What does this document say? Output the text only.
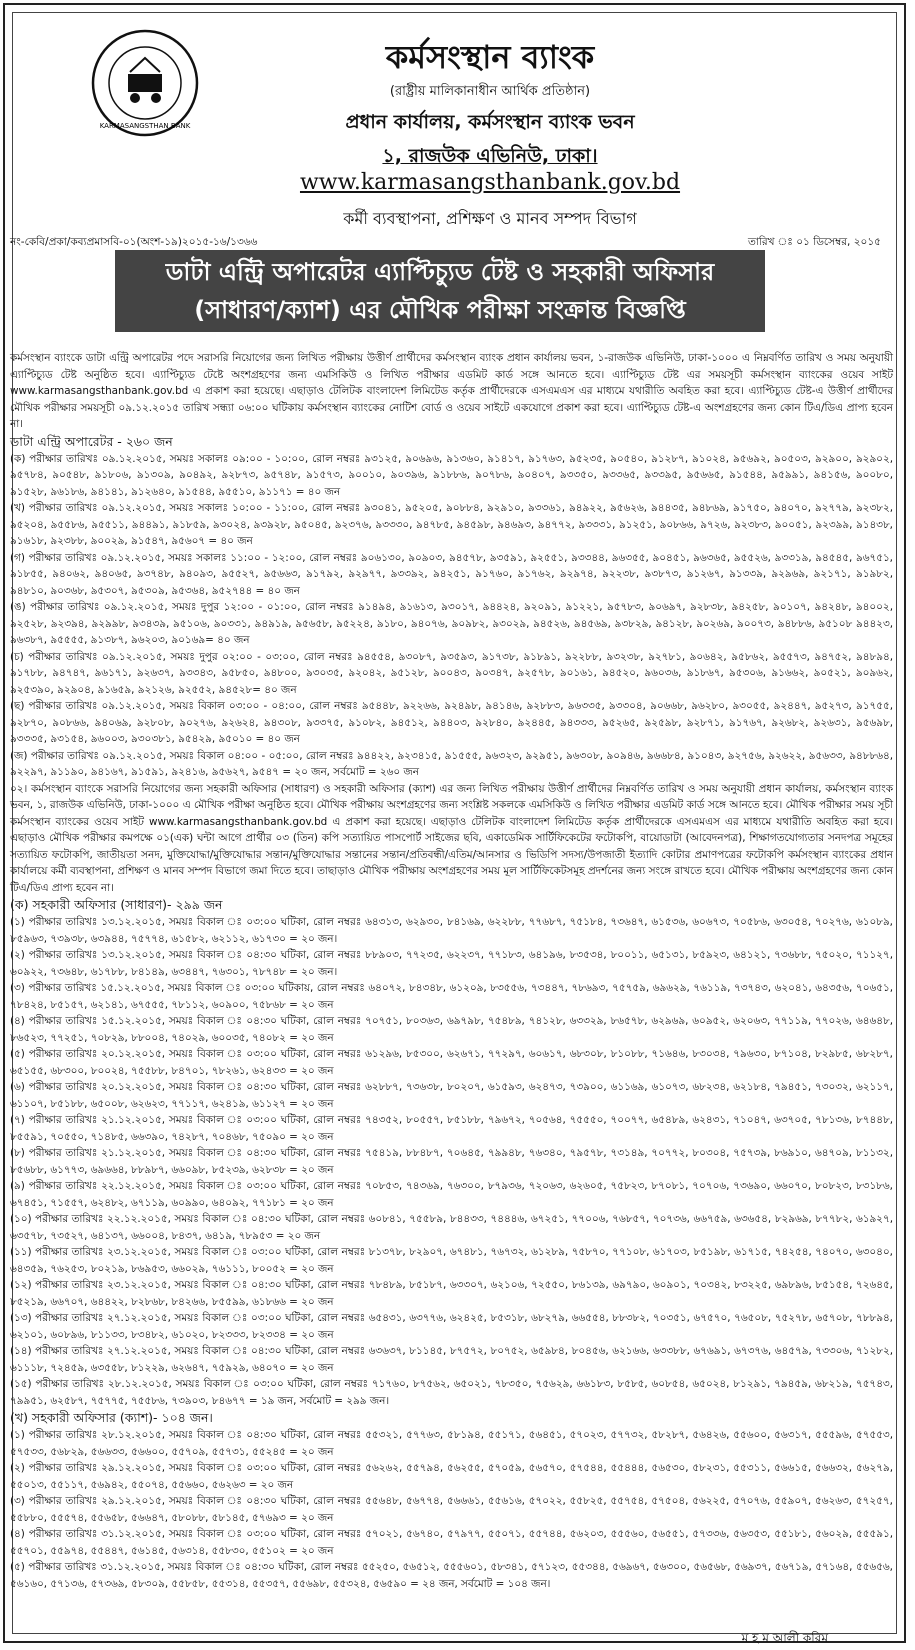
KARMASANGSTHAN BANK
কর্মসংস্থান ব্যাংক
(রাষ্ট্রীয় মালিকানাধীন আর্থিক প্রতিষ্ঠান)
প্রধান কার্যালয়, কর্মসংস্থান ব্যাংক ভবন
১, রাজউক এভিনিউ, ঢাকা।
www.karmasangsthanbank.gov.bd
কর্মী ব্যবস্থাপনা, প্রশিক্ষণ ও মানব সম্পদ বিভাগ
নং-কেবি/প্রকা/কব্যপ্রমাসবি-০১(অংশ-১৯)২০১৫-১৬/১৩৬৬	তারিখ ঃ ০১ ডিসেম্বর, ২০১৫
ডাটা এন্ট্রি অপারেটর এ্যাপ্টিচ্যুড টেষ্ট ও সহকারী অফিসার
(সাধারণ/ক্যাশ) এর মৌখিক পরীক্ষা সংক্রান্ত বিজ্ঞপ্তি

কর্মসংস্থান ব্যাংকে ডাটা এন্ট্রি অপারেটর পদে সরাসরি নিয়োগের জন্য লিখিত পরীক্ষায় উত্তীর্ণ প্রার্থীদের কর্মসংস্থান ব্যাংক প্রধান কার্যালয় ভবন, ১-রাজউক এভিনিউ, ঢাকা-১০০০ এ নিম্নবর্ণিত তারিখ ও সময় অনুযায়ী এ্যাপ্টিচ্যুড টেষ্ট অনুষ্ঠিত হবে। এ্যাপ্টিচ্যুড টেষ্টে অংশগ্রহণের জন্য এমসিকিউ ও লিখিত পরীক্ষার এডমিট কার্ড সঙ্গে আনতে হবে। এ্যাপ্টিচ্যুড টেষ্ট এর সময়সূচী কর্মসংস্থান ব্যাংকের ওয়েব সাইট www.karmasangsthanbank.gov.bd এ প্রকাশ করা হয়েছে। এছাড়াও টেলিটক বাংলাদেশ লিমিটেড কর্তৃক প্রার্থীদেরকে এসএমএস এর মাধ্যমে যথারীতি অবহিত করা হবে। এ্যাপ্টিচ্যুড টেষ্ট-এ উত্তীর্ণ প্রার্থীদের মৌখিক পরীক্ষার সময়সূচী ০৯.১২.২০১৫ তারিখ সন্ধ্যা ০৬:০০ ঘটিকায় কর্মসংস্থান ব্যাংকের নোটিশ বোর্ড ও ওয়েব সাইটে একযোগে প্রকাশ করা হবে। এ্যাপ্টিচ্যুড টেষ্ট-এ অংশগ্রহণের জন্য কোন টিএ/ডিএ প্রাপ্য হবেন না।

ডাটা এন্ট্রি অপারেটর - ২৬০ জন

(ক) পরীক্ষার তারিখঃ ০৯.১২.২০১৫, সময়ঃ সকালঃ ০৯:০০ - ১০:০০, রোল নম্বরঃ ৯৩১২৫, ৯০৬৯৬, ৯১৩৬০, ৯১৪১৭, ৯১৭৬৩, ৯৫২৩৫, ৯০৫৪০, ৯১২৮৭, ৯১০২৪, ৯৫৬৯২, ৯০৫০৩, ৯২৯০০, ৯২৯০২, ৯৫৭৮৪, ৯০৫৪৮, ৯১৮০৬, ৯১৩০৯, ৯০৪৯২, ৯২৮৭৩, ৯৫৭৪৮, ৯১৫৭৩, ৯০০১০, ৯০৩৯৬, ৯১৮৮৬, ৯০৭৮৬, ৯০৪০৭, ৯৩৩৫০, ৯৩৩৬৫, ৯৩৩৯৫, ৯৫৬৬৫, ৯১৫৪৪, ৯৫৯৯১, ৯৪১৫৬, ৯০০৮০, ৯১৫২৮, ৯৬১৮৬, ৯৪১৪১, ৯১২৬৪০, ৯১৫৪৪, ৯৫৫১০, ৯১১৭১ = ৪০ জন

(খ) পরীক্ষার তারিখঃ ০৯.১২.২০১৫, সময়ঃ সকালঃ ১০:০০ - ১১:০০, রোল নম্বরঃ ৯৩০৪১, ৯৫২০৫, ৯০৮৮৪, ৯২৯১০, ৯৩৩৬১, ৯৪৯২২, ৯৫৬২৬, ৯৪৪৩৫, ৯৪৮৬৯, ৯১৭৫০, ৯৪০৭০, ৯২৭৭৯, ৯২৩৮২, ৯৫২০৪, ৯৫৫৮৬, ৯৫৫১১, ৯৪৪৯১, ৯১৮৫৯, ৯৩০২৪, ৯৩৯২৮, ৯৫০৪৫, ৯২৩৭৬, ৯৩৩৩০, ৯৪৭৮৫, ৯৪৫৯৮, ৯৪৬৯৩, ৯৪৭৭২, ৯৩৩৩১, ৯১২৫১, ৯০৮৬৬, ৯৭২৬, ৯২৩৮৩, ৯০০৫১, ৯২৩৯৯, ৯১৪৩৮, ৯১৬১৮, ৯২৩৮৮, ৯০০২৯, ৯১৫৪৭, ৯৫৬০৭ = ৪০ জন

(গ) পরীক্ষার তারিখঃ ০৯.১২.২০১৫, সময়ঃ সকালঃ ১১:০০ - ১২:০০, রোল নম্বরঃ ৯০৬১৩০, ৯০৯০৩, ৯৪৫৭৮, ৯৩৫৯১, ৯২৫৫১, ৯৩৩৪৪, ৯৬৩৫৫, ৯০৪৫১, ৯৬৩৬৫, ৯৫৫২৬, ৯৩৩১৯, ৯৪৫৪৫, ৯৬৭৫১, ৯১৮৫৫, ৯৪০৬২, ৯৪০৬৫, ৯৩৭৪৮, ৯৪০৯৩, ৯৫৫২৭, ৯৫৬৬৩, ৯১৭৯২, ৯২৯৭৭, ৯৩৩৯২, ৯৪২৫১, ৯১৭৬০, ৯১৭৬২, ৯২৯৭৪, ৯২২৩৮, ৯৩৮৭৩, ৯১২৬৭, ৯১৩৩৯, ৯২৯৬৯, ৯২১৭১, ৯১৯৮২, ৯৪৮১০, ৯০৩৬৮, ৯৫৩০৭, ৯৫৩০৯, ৯৫৩৬৪, ৯৫২৭৪৪ = ৪০ জন

(ঙ) পরীক্ষার তারিখঃ ০৯.১২.২০১৫, সময়ঃ দুপুর ১২:০০ - ০১:০০, রোল নম্বরঃ ৯১৪৯৪, ৯১৬১৩, ৯৩০১৭, ৯৪৪২৪, ৯২০৯১, ৯১২২১, ৯৫৭৮৩, ৯০৬৯৭, ৯২৮৩৮, ৯৪২৫৮, ৯০১০৭, ৯৪২৪৮, ৯৪০০২, ৯২৫২৮, ৯২৩৯৪, ৯২৯৯৮, ৯৩৪৩৯, ৯৫১০৬, ৯০৩৩১, ৯৪৯১৯, ৯৫৬৫৮, ৯৫২২৪, ৯১৮০, ৯৪০৭৬, ৯০৯৮২, ৯৩০২৯, ৯৪৫২৬, ৯৪৫৬৯, ৯৩৮২৯, ৯৪১২৮, ৯০২৬৯, ৯০০৭৩, ৯৪৮৮৬, ৯৫১০৮ ৯৪৪২৩, ৯৬৩৮৭, ৯৫৫৫৫, ৯১৩৮৭, ৯৬২০৩, ৯০১৬৯= ৪০ জন

(চ) পরীক্ষার তারিখঃ ০৯.১২.২০১৫, সময়ঃ দুপুর ০২:০০ - ০৩:০০, রোল নম্বরঃ ৯৪৫৫৪, ৯৩০৮৭, ৯৩৫৯৩, ৯১৭৩৮, ৯১৮৯১, ৯২২৮৮, ৯৩২৩৮, ৯২৭৮১, ৯০৬৪২, ৯৫৮৬২, ৯৫৫৭৩, ৯৪৭৫২, ৯৪৮৯৪, ৯১৭৮৮, ৯৪৭৪৭, ৯৬১৭১, ৯২৬৩৭, ৯৩৩৪৩, ৯৫৮৫০, ৯৪৮০০, ৯৩০৩৫, ৯২০৪২, ৯৫১২৮, ৯০০৪৩, ৯০৩৪৭, ৯২৫৭৮, ৯০১৬১, ৯৪৫২০, ৯৬০৩৬, ৯১৮৬৭, ৯৫৩০৬, ৯১৬৬২, ৯০৫২১, ৯০৯৬২, ৯২৫৩৯০, ৯২৯০৪, ৯১৬৫৯, ৯২১২৬, ৯২৫৫২, ৯৪৫২৮= ৪০ জন

(ছ) পরীক্ষার তারিখঃ ০৯.১২.২০১৫, সময়ঃ বিকাল ০৩:০০ - ০৪:০০, রোল নম্বরঃ ৯৫৪৪৮, ৯২২৬৬, ৯২৪৯৮, ৯৪১৪৬, ৯২৮৮৩, ৯৬৩৩৫, ৯৩৩০৪, ৯০৬৬৮, ৯৬২৮০, ৯৩০৫৫, ৯২৪৪৭, ৯৫২৭৩, ৯১৭৫৫, ৯২৮৭০, ৯০৮৬৬, ৯৪০৬৯, ৯২৮০৮, ৯০২৭৬, ৯২৬২৪, ৯৪৩০৮, ৯৩৩৭৫, ৯১০৮২, ৯৪৫১২, ৯৪৪০৩, ৯২৮৪০, ৯২৪৪৫, ৯৪৩৩৩, ৯৫২৬৫, ৯২৫৯৮, ৯২৮৭১, ৯১৭৬৭, ৯২৬৮২, ৯২৬৩১, ৯৫৬৯৮, ৯৩৩৩৫, ৯৩১৫৪, ৯৬০০৩, ৯৩০৩৮১, ৯৫৪২৯, ৯৫০১০ = ৪০ জন

(জ) পরীক্ষার তারিখঃ ০৯.১২.২০১৫, সময়ঃ বিকাল ০৪:০০ - ০৫:০০, রোল নম্বরঃ ৯৪৪২২, ৯২৩৪১৫, ৯১৫৫৫, ৯৬৩২৩, ৯২৯৫১, ৯৬৩০৮, ৯০৯৪৬, ৯৬৬৮৪, ৯১০৪৩, ৯২৭৫৬, ৯২৬২২, ৯৫৬৩৩, ৯৪৮৮৬৪, ৯২২৯৭, ৯১১৯০, ৯৪১৬৭, ৯১৫৯১, ৯২৪১৬, ৯৫৬২৭, ৯৫৪৭ = ২০ জন, সর্বমোট = ২৬০ জন

০২। কর্মসংস্থান ব্যাংকে সরাসরি নিয়োগের জন্য সহকারী অফিসার (সাধারণ) ও সহকারী অফিসার (ক্যাশ) এর জন্য লিখিত পরীক্ষায় উত্তীর্ণ প্রার্থীদের নিম্নবর্ণিত তারিখ ও সময় অনুযায়ী প্রধান কার্যালয়, কর্মসংস্থান ব্যাংক ভবন, ১, রাজউক এভিনিউ, ঢাকা-১০০০ এ মৌখিক পরীক্ষা অনুষ্ঠিত হবে। মৌখিক পরীক্ষায় অংশগ্রহণের জন্য সংশ্লিষ্ট সকলকে এমসিকিউ ও লিখিত পরীক্ষার এডমিট কার্ড সঙ্গে আনতে হবে। মৌখিক পরীক্ষার সময় সূচী কর্মসংস্থান ব্যাংকের ওয়েব সাইট www.karmasangsthanbank.gov.bd এ প্রকাশ করা হয়েছে। এছাড়াও টেলিটক বাংলাদেশ লিমিটেড কর্তৃক প্রার্থীদেরকে এসএমএস এর মাধ্যমে যথারীতি অবহিত করা হবে। এছাড়াও মৌখিক পরীক্ষার কমপক্ষে ০১(এক) ঘন্টা আগে প্রার্থীর ০৩ (তিন) কপি সত্যায়িত পাসপোর্ট সাইজের ছবি, একাডেমিক সার্টিফিকেটের ফটোকপি, বায়োডাটা (আবেদনপত্র), শিক্ষাগতযোগ্যতার সনদপত্র সমূহের সত্যায়িত ফটোকপি, জাতীয়তা সনদ, মুক্তিযোদ্ধা/মুক্তিযোদ্ধার সন্তান/মুক্তিযোদ্ধার সন্তানের সন্তান/প্রতিবন্ধী/এতিম/আনসার ও ভিডিপি সদস্য/উপজাতী ইত্যাদি কোটার প্রমাণপত্রের ফটোকপি কর্মসংস্থান ব্যাংকের প্রধান কার্যালয়ে কর্মী ব্যবস্থাপনা, প্রশিক্ষণ ও মানব সম্পদ বিভাগে জমা দিতে হবে। তাছাড়াও মৌখিক পরীক্ষায় অংশগ্রহণের সময় মূল সার্টিফিকেটসমূহ প্রদর্শনের জন্য সংঙ্গে রাখতে হবে। মৌখিক পরীক্ষায় অংশগ্রহণের জন্য কোন টিএ/ডিএ প্রাপ্য হবেন না।

(ক) সহকারী অফিসার (সাধারণ)- ২৯৯ জন

(১) পরীক্ষার তারিখঃ ১৩.১২.২০১৫, সময়ঃ বিকাল ঃ ০৩:০০ ঘটিকা, রোল নম্বরঃ ৬৪৩১৩, ৬২৯৩০, ৮৪১৬৯, ৬২২৮৮, ৭৭৬৮৭, ৭৫১৮৪, ৭৩৬৪৭, ৬১৫৩৬, ৬০৬৭৩, ৭০৫৮৬, ৬৩০৫৪, ৭০২৭৬, ৬১০৮৯, ৮৫৯৬৩, ৭৩৯৩৮, ৬৩৯৪৪, ৭৫৭৭৪, ৬১৫৮২, ৬২১১২, ৬১৭৩০ = ২০ জন।

(২) পরীক্ষার তারিখঃ ১৩.১২.২০১৫, সময়ঃ বিকাল ঃ ০৪:৩০ ঘটিকা, রোল নম্বরঃ ৮৮৯০৩, ৭৭২৩৫, ৬২২৩৭, ৭৭১৮৩, ৬৪১৯৬, ৮৩৫৩৪, ৮০০১১, ৬৫১৩১, ৮৫৯২৩, ৬৪১২১, ৭৩৬৮৮, ৭৫০২০, ৭১১২৭, ৬০৯২২, ৭৩৬৪৮, ৬১৭৮৮, ৮৪১৪৯, ৬৩৪৪৭, ৭৬৩০১, ৭৮৭৪৮ = ২০ জন।

(৩) পরীক্ষার তারিখঃ ১৫.১২.২০১৫, সময়ঃ বিকাল ঃ ০৩:০০ ঘটিকায়, রোল নম্বরঃ ৬৪০৭২, ৮৪৩৪৮, ৬১২০৯, ৮৩৫৫৬, ৭৩৪৪৭, ৭৮৬৯৩, ৭৫৭৫৯, ৬৯৬২৯, ৭৬১১৯, ৭৩৭৪৩, ৬২০৪১, ৬৪৩৫৬, ৭০৬৫১, ৭৮৪২৪, ৮৫১৫৭, ৬২১৪১, ৬৭৫৫৫, ৭৮১১২, ৬০৯০০, ৭৫৮৬৮ = ২০ জন

(৪) পরীক্ষার তারিখঃ ১৫.১২.২০১৫, সময়ঃ বিকাল ঃ ০৪:৩০ ঘটিকা, রোল নম্বরঃ ৭০৭৫১, ৮০৩৬৩, ৬৯৭৯৮, ৭৫৪৮৯, ৭৪১২৮, ৬৩৩২৯, ৮৬৫৭৮, ৬২৯৬৯, ৬০৯৫২, ৬২০৬৩, ৭৭১১৯, ৭৭০২৬, ৬৪৬৪৮, ৮৬৫২৩, ৭৭২৫১, ৭০৮২৯, ৮৮০০৪, ৭৪০২৯, ৬০০৩৫, ৭৪০৮২ = ২০ জন

(৫) পরীক্ষার তারিখঃ ২০.১২.২০১৫, সময়ঃ বিকাল ঃ ০৩:০০ ঘটিকা, রোল নম্বরঃ ৬১২৯৬, ৮৫৩০০, ৬২৬৭১, ৭৭২৯৭, ৬০৬১৭, ৬৮৩০৮, ৮১০৮৮, ৭১৬৪৬, ৮৩০৩৪, ৭৯৬৩০, ৮৭১০৪, ৮২৯৮৫, ৬৮২৮৭, ৬৫১৫৫, ৬৮৩০০, ৮০০২৪, ৭৫৫৮৮, ৮৪৭০১, ৭৮২৬১, ৬২৪৩৩ = ২০ জন

(৬) পরীক্ষার তারিখঃ ২০.১২.২০১৫, সময়ঃ বিকাল ঃ ০৪:৩০ ঘটিকা, রোল নম্বরঃ ৬২৮৮৭, ৭৩৬৩৮, ৮০২০৭, ৬১৫৯৩, ৬২৪৭৩, ৭৩৯০০, ৬১১৬৯, ৬১০৭৩, ৬৮২৩৪, ৬২১৮৪, ৭৯৪৫১, ৭৩০৩২, ৬২১১৭, ৬১১০৭, ৮৫১৮৮, ৬৫০০৮, ৬২৬২৩, ৭৭১১৭, ৬২৪১৯, ৬১১২৭ = ২০ জন

(৭) পরীক্ষার তারিখঃ ২১.১২.২০১৫, সময়ঃ বিকাল ঃ ০৩:০০ ঘটিকা, রোল নম্বরঃ ৭৪৩৫২, ৮০৫৫৭, ৮৫১৮৮, ৭৯৬৭২, ৭০৫৬৪, ৭৫৫৫০, ৭০০৭৭, ৬৫৪৮৯, ৬২৪৩১, ৭১০৪৭, ৬৩৭০৫, ৭৮১৩৬, ৮৭৪৪৮, ৮৫৫৯১, ৭০৫৫০, ৭১৪৮৫, ৬৬৩৯০, ৭৪২৮৭, ৭০৪৬৮, ৭৫০৯০ = ২০ জন

(৮) পরীক্ষার তারিখঃ ২১.১২.২০১৫, সময়ঃ বিকাল ঃ ০৪:৩০ ঘটিকা, রোল নম্বরঃ ৭৫৪১৯, ৮৮৪৮৭, ৭০৬৪৫, ৭৯৯৪৮, ৭৬৩৪০, ৭৯৫৭৮, ৭৩১৪৯, ৭০৭৭২, ৮০৩০৪, ৭৫৭৩৯, ৮৬৯১০, ৬৪৭০৯, ৮১১৩২, ৮৫৬৮৮, ৬১৭৭৩, ৬৯৬৬৪, ৮৮৯৮৭, ৬৬০৯৮, ৮৫২৩৯, ৬২৮৩৮ = ২০ জন

(৯) পরীক্ষার তারিখঃ ২২.১২.২০১৫, সময়ঃ বিকাল ঃ ০৩:০০ ঘটিকা, রোল নম্বরঃ ৭০৮৫৩, ৭৪৩৬৯, ৭৬৩০০, ৮৭৯৩৬, ৭২০৬৩, ৬২৬০৫, ৭৫৮২৩, ৮৭০৮১, ৭০৭০৬, ৭৩৬৯০, ৬৬০৭০, ৮০৮২৩, ৮৩১৮৬, ৬৭৪৫১, ৭১৫৫৭, ৬২৪৮২, ৬৭১১৯, ৬০৯৯০, ৬৪০৯২, ৭৭১৮১ = ২০ জন

(১০) পরীক্ষার তারিখঃ ২২.১২.২০১৫, সময়ঃ বিকাল ঃ ০৪:৩০ ঘটিকা, রোল নম্বরঃ ৬০৮৪১, ৭৫৫৮৯, ৮৪৪৩৩, ৭৪৪৪৬, ৬৭২৫১, ৭৭০০৬, ৭৬৮৫৭, ৭০৭৩৬, ৬৬৭৫৯, ৬৩৬৫৪, ৮২৯৬৯, ৮৭৭৮২, ৬১৯২৭, ৬৩৫৭৮, ৭৩৫২৭, ৬৪১৩৭, ৬৬০০৪, ৮৪৩৭, ৬৪১৯, ৭৮৯৫৩ = ২০ জন

(১১) পরীক্ষার তারিখঃ ২৩.১২.২০১৫, সময়ঃ বিকাল ঃ ০৩:০০ ঘটিকা, রোল নম্বরঃ ৮১৩৭৮, ৮২৯০৭, ৬৭৪৮১, ৭৬৭৩২, ৬১২৮৯, ৭৫৮৭০, ৭৭১০৮, ৬১৭০৩, ৮৫১৯৮, ৬১৭১৫, ৭৪২৫৪, ৭৪০৭০, ৬৩০৪০, ৬৪৩৫৯, ৭৬২৫৩, ৮০২১৯, ৮৬৯৫৩, ৬৬০২৯, ৭৬১১১, ৮০০৫২ = ২০ জন

(১২) পরীক্ষার তারিখঃ ২৩.১২.২০১৫, সময়ঃ বিকাল ঃ ০৪:৩০ ঘটিকা, রোল নম্বরঃ ৭৮৪৮৯, ৮৫১৮৭, ৬৩৩০৭, ৬২১০৬, ৭২৫৫০, ৮৬১৩৯, ৬৯৭৯০, ৬০৯০১, ৭০৩৪২, ৮৩২২৫, ৬৯৮৯৬, ৮৫১৫৪, ৭২৬৪৫, ৮৫২১৯, ৬৬৭০৭, ৬৪৪২২, ৮২৮৬৮, ৮৪২৬৬, ৮৫৫৯৯, ৬১৮৬৬ = ২০ জন

(১৩) পরীক্ষার তারিখঃ ২৭.১২.২০১৫, সময়ঃ বিকাল ঃ ০৩:০০ ঘটিকা, রোল নম্বরঃ ৬৫৪৩১, ৬৩৭৭৬, ৬২৪২৫, ৮৫৩১৮, ৬৮২৭৯, ৬৬৫৫৪, ৮৮৩৮২, ৭০৩৫১, ৬৭৫৭০, ৭৬৫০৮, ৭৫২৭৮, ৬৫৭০৮, ৭৮৮৯৪, ৬২১০১, ৬০৮৯৬, ৮১১৩৩, ৮৩৪৮২, ৬১০২০, ৮২৩৩৩, ৮২৩৩৪ = ২০ জন

(১৪) পরীক্ষার তারিখঃ ২৭.১২.২০১৫, সময়ঃ বিকাল ঃ ০৪:৩০ ঘটিকা, রোল নম্বরঃ ৬৩৬৩৭, ৮১১৪৫, ৮৭৫৭২, ৮০৭৫২, ৬৫৯৮৪, ৮০৪৫৬, ৬২১৬৬, ৬৩৩৮৮, ৬৭৬৯১, ৬৭৩৭৬, ৬৪৫৭৯, ৭৩৩০৬, ৭১২৮২, ৬১১১৮, ৭২৪৫৯, ৬৩৫৫৮, ৮১২২৯, ৬২৬৪৭, ৭৫৯২৯, ৬৪০৭০ = ২০ জন

(১৫) পরীক্ষার তারিখঃ ২৮.১২.২০১৫, সময়ঃ বিকাল ঃ ০৩:০০ ঘটিকা, রোল নম্বরঃ ৭১৭৬০, ৮৭৫৬২, ৬৫০২১, ৭৮৩৫০, ৭৫৬২৯, ৬৬১৮৩, ৮৫৮৫, ৬০৮৫৪, ৬৫০২৪, ৮১২৯১, ৭৯৪৫৯, ৬৮২১৯, ৭৫৭৪৩, ৭৯৯৫১, ৬২৫৮৭, ৭৫৭৭৫, ৭৫৫৮৬, ৭৩৯০৩, ৮৪৬৭৭ = ১৯ জন, সর্বমোট = ২৯৯ জন।

(খ) সহকারী অফিসার (ক্যাশ)- ১০৪ জন।

(১) পরীক্ষার তারিখঃ ২৮.১২.২০১৫, সময়ঃ বিকাল ঃ ০৪:৩০ ঘটিকা, রোল নম্বরঃ ৫৫৩২১, ৫৭৭৬৩, ৫৮১৯৪, ৫৫১৭১, ৫৬৪৫১, ৫৭০২৩, ৫৭৭৩২, ৫৮২৮৭, ৫৬৪২৬, ৫৫৬০০, ৫৬৩১৭, ৫৫৫৯৬, ৫৭৫৫৩, ৫৭৫৩৩, ৫৬৮২৯, ৫৬৬৩৩, ৫৬৬০০, ৫৫৭০৯, ৫৫৭৩১, ৫৫২৪৫ = ২০ জন

(২) পরীক্ষার তারিখঃ ২৯.১২.২০১৫, সময়ঃ বিকাল ঃ ০৩:০০ ঘটিকা, রোল নম্বরঃ ৫৬২৬২, ৫৫৭৯৪, ৫৬২৫৫, ৫৭০৫৯, ৫৬৫৭০, ৫৭৫৪৪, ৫৫৪৪৪, ৫৬৫৩০, ৫৮২৩১, ৫৫৩১১, ৫৬৬১৫, ৫৬৬৩২, ৫৬২৭৯, ৫৫০১৩, ৫৫১১৭, ৫৬৯৪২, ৫৫০৭৪, ৫৫৬৬০, ৫৬২৬৩ = ২০ জন

(৩) পরীক্ষার তারিখঃ ২৯.১২.২০১৫, সময়ঃ বিকাল ঃ ০৪:৩০ ঘটিকা, রোল নম্বরঃ ৫৫৬৪৮, ৫৬৭৭৪, ৫৬৬৬১, ৫৫৬১৬, ৫৭০২২, ৫৫৮২৫, ৫৫৭৫৪, ৫৭৫০৪, ৫৬২২৫, ৫৭০৭৬, ৫৫৯০৭, ৫৬২৬৩, ৫৭২৫৭, ৫৫৮৮০, ৫৫৫৭৪, ৫৫৬৫৮, ৫৬৬৪৭, ৫৮০৮৮, ৫৮১৪৫, ৫৭৬৯৩ = ২০ জন

(৪) পরীক্ষার তারিখঃ ৩১.১২.২০১৫, সময়ঃ বিকাল ঃ ০৩:০০ ঘটিকা, রোল নম্বরঃ ৫৭০২১, ৫৬৭৪০, ৫৭৯৭৭, ৫৫০৭১, ৫৫৭৪৪, ৫৬২০৩, ৫৫৫৬০, ৫৬৫৫১, ৫৭৩৩৬, ৫৬৩৫৩, ৫৫১৮১, ৫৬০২৯, ৫৫৫৯১, ৫৫৭০১, ৫৫৯৭৪, ৫৫৪৪৭, ৫৬১৪৫, ৫৬৩১৪, ৫৫৮৩০, ৫৫১০২ = ২০ জন

(৫) পরীক্ষার তারিখঃ ৩১.১২.২০১৫, সময়ঃ বিকাল ঃ ০৪:৩০ ঘটিকা, রোল নম্বরঃ ৫৫২৫০, ৫৬৫১২, ৫৫৫৬০১, ৫৮৩৪১, ৫৭১২৩, ৫৫৩৪৪, ৫৬৯৬৭, ৫৬৩০০, ৫৬৫৬৮, ৫৬৯৩৭, ৫৬৭১৯, ৫৭১৬৪, ৫৫৬৫৬, ৫৬১৬০, ৫৭১৩৬, ৫৭৩৬৯, ৫৮৩০৯, ৫৫৮৫৮, ৫৫৩১৪, ৫৫৩৫৭, ৫৫৬৯৮, ৫৫৩২৪, ৫৬৫৯০ = ২৪ জন, সর্বমোট = ১০৪ জন।

ম হ ম আলী করিম
